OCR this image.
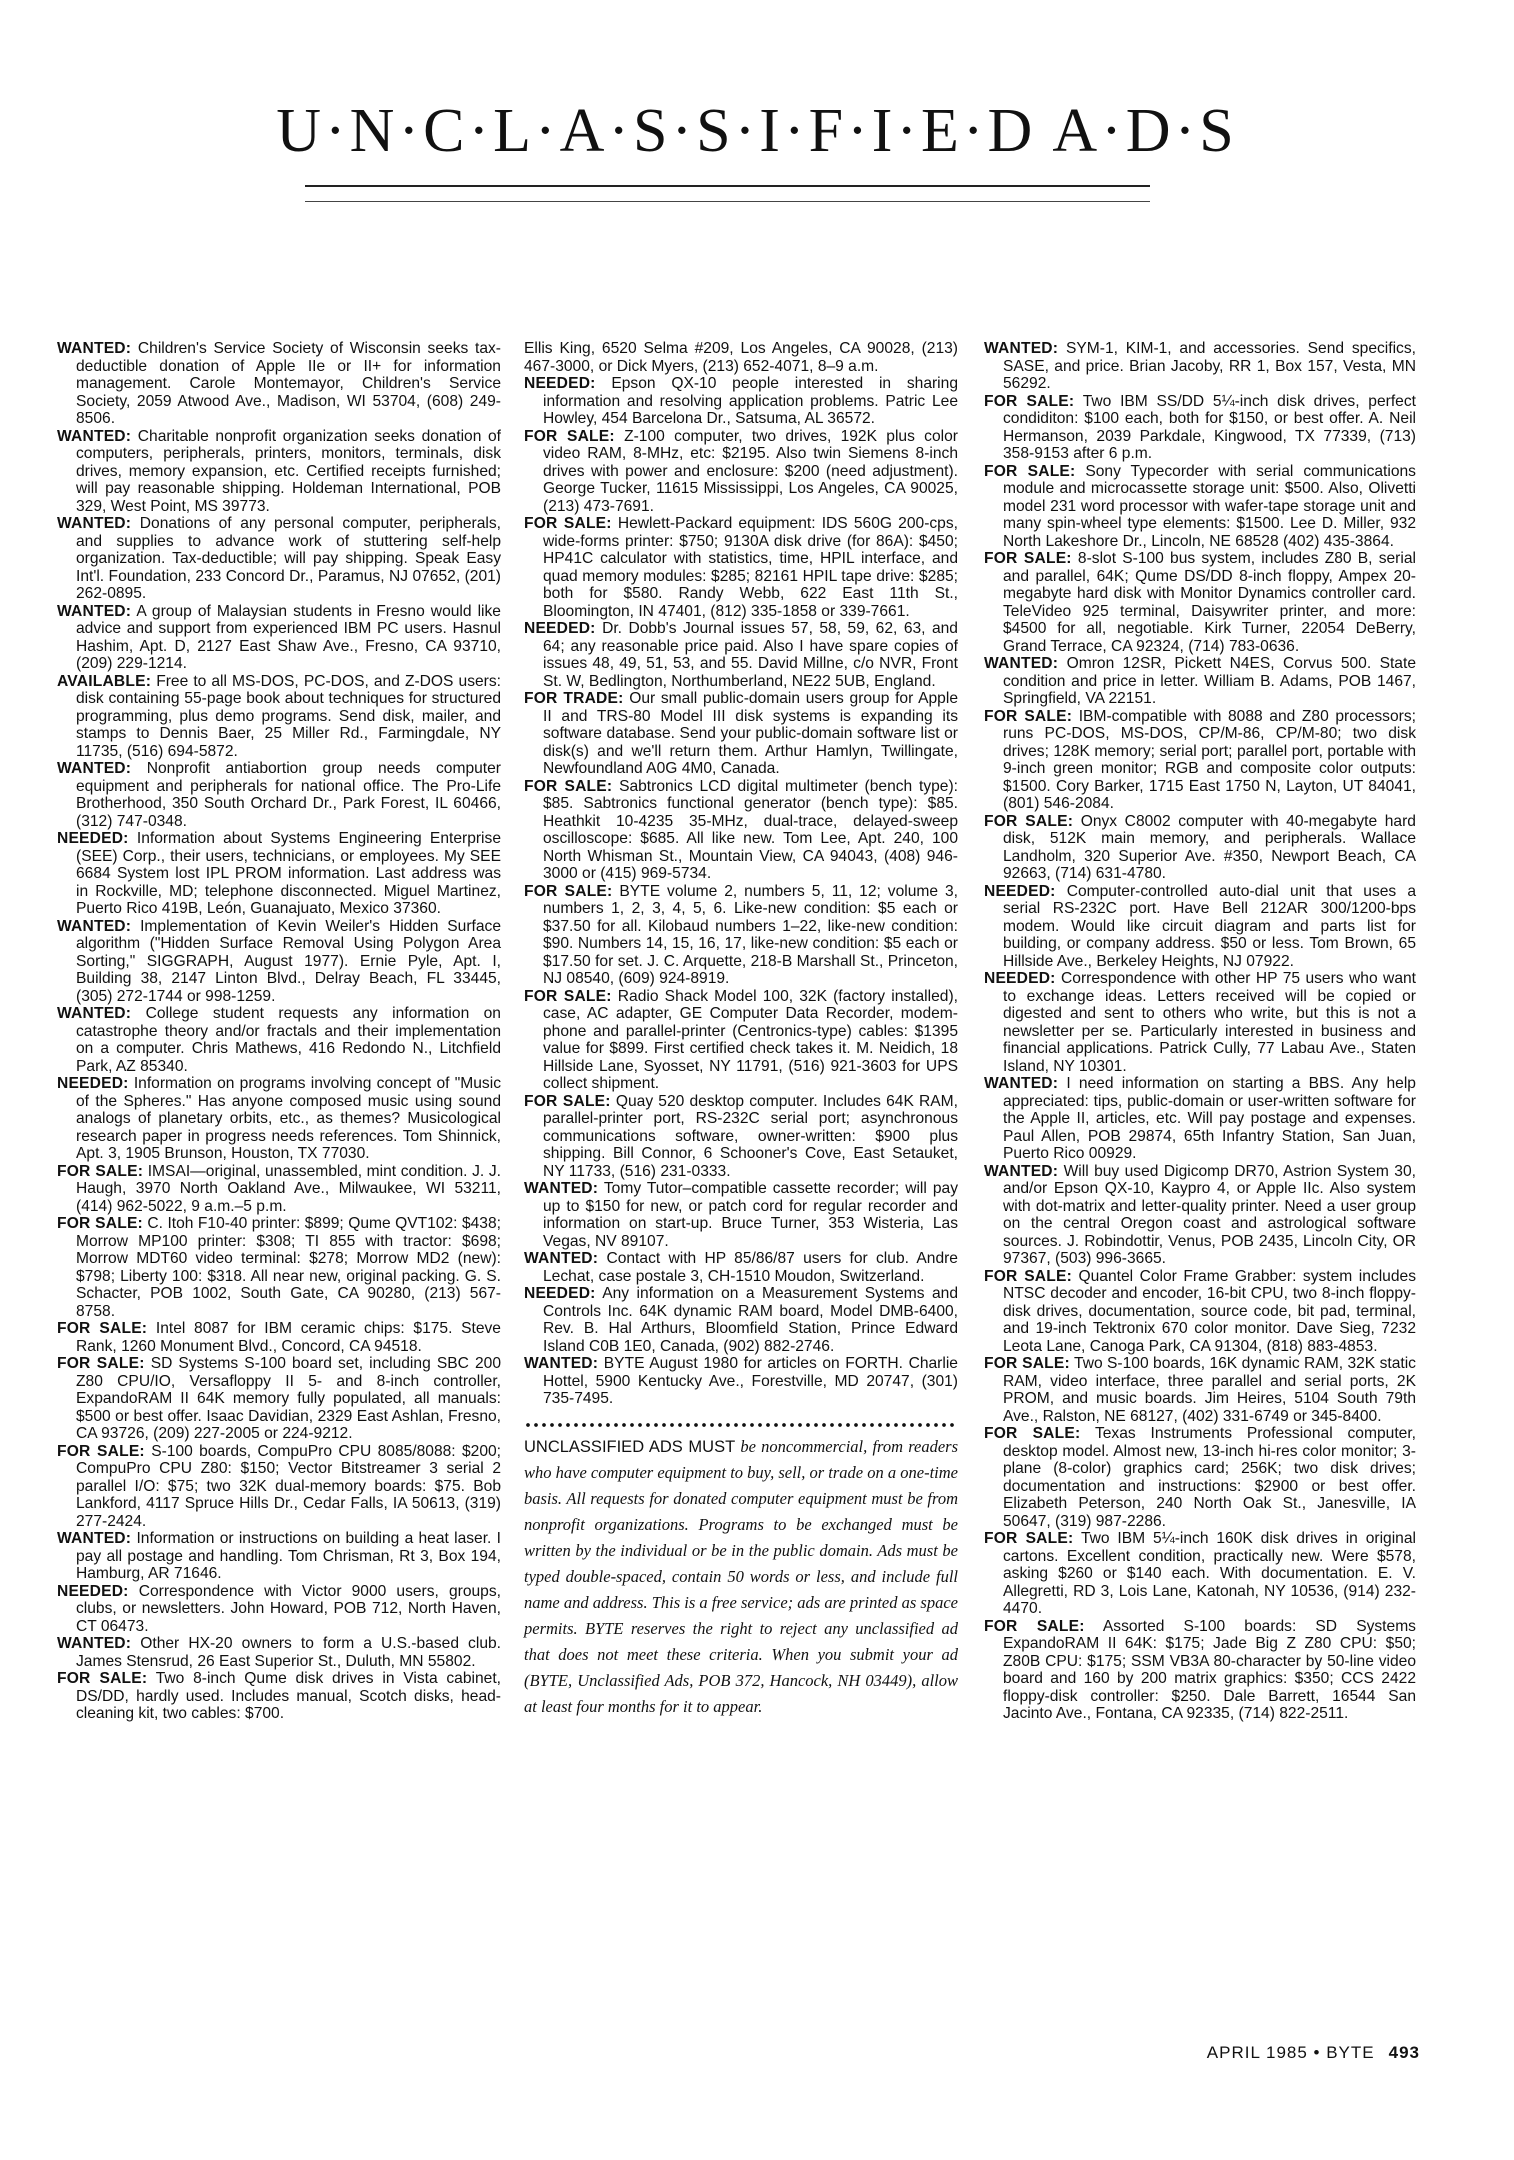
U·N·C·L·A·S·S·I·F·I·E·D A·D·S
WANTED: Children's Service Society of Wisconsin seeks tax-deductible donation of Apple IIe or II+ for information management. Carole Montemayor, Children's Service Society, 2059 Atwood Ave., Madison, WI 53704, (608) 249-8506.
WANTED: Charitable nonprofit organization seeks donation of computers, peripherals, printers, monitors, terminals, disk drives, memory expansion, etc. Certified receipts furnished; will pay reasonable shipping. Holdeman International, POB 329, West Point, MS 39773.
WANTED: Donations of any personal computer, peripherals, and supplies to advance work of stuttering self-help organization. Tax-deductible; will pay shipping. Speak Easy Int'l. Foundation, 233 Concord Dr., Paramus, NJ 07652, (201) 262-0895.
WANTED: A group of Malaysian students in Fresno would like advice and support from experienced IBM PC users. Hasnul Hashim, Apt. D, 2127 East Shaw Ave., Fresno, CA 93710, (209) 229-1214.
AVAILABLE: Free to all MS-DOS, PC-DOS, and Z-DOS users: disk containing 55-page book about techniques for structured programming, plus demo programs. Send disk, mailer, and stamps to Dennis Baer, 25 Miller Rd., Farmingdale, NY 11735, (516) 694-5872.
WANTED: Nonprofit antiabortion group needs computer equipment and peripherals for national office. The Pro-Life Brotherhood, 350 South Orchard Dr., Park Forest, IL 60466, (312) 747-0348.
NEEDED: Information about Systems Engineering Enterprise (SEE) Corp., their users, technicians, or employees. My SEE 6684 System lost IPL PROM information. Last address was in Rockville, MD; telephone disconnected. Miguel Martinez, Puerto Rico 419B, León, Guanajuato, Mexico 37360.
WANTED: Implementation of Kevin Weiler's Hidden Surface algorithm ("Hidden Surface Removal Using Polygon Area Sorting," SIGGRAPH, August 1977). Ernie Pyle, Apt. I, Building 38, 2147 Linton Blvd., Delray Beach, FL 33445, (305) 272-1744 or 998-1259.
WANTED: College student requests any information on catastrophe theory and/or fractals and their implementation on a computer. Chris Mathews, 416 Redondo N., Litchfield Park, AZ 85340.
NEEDED: Information on programs involving concept of "Music of the Spheres." Has anyone composed music using sound analogs of planetary orbits, etc., as themes? Musicological research paper in progress needs references. Tom Shinnick, Apt. 3, 1905 Brunson, Houston, TX 77030.
FOR SALE: IMSAI—original, unassembled, mint condition. J. J. Haugh, 3970 North Oakland Ave., Milwaukee, WI 53211, (414) 962-5022, 9 a.m.–5 p.m.
FOR SALE: C. Itoh F10-40 printer: $899; Qume QVT102: $438; Morrow MP100 printer: $308; TI 855 with tractor: $698; Morrow MDT60 video terminal: $278; Morrow MD2 (new): $798; Liberty 100: $318. All near new, original packing. G. S. Schacter, POB 1002, South Gate, CA 90280, (213) 567-8758.
FOR SALE: Intel 8087 for IBM ceramic chips: $175. Steve Rank, 1260 Monument Blvd., Concord, CA 94518.
FOR SALE: SD Systems S-100 board set, including SBC 200 Z80 CPU/IO, Versafloppy II 5- and 8-inch controller, ExpandoRAM II 64K memory fully populated, all manuals: $500 or best offer. Isaac Davidian, 2329 East Ashlan, Fresno, CA 93726, (209) 227-2005 or 224-9212.
FOR SALE: S-100 boards, CompuPro CPU 8085/8088: $200; CompuPro CPU Z80: $150; Vector Bitstreamer 3 serial 2 parallel I/O: $75; two 32K dual-memory boards: $75. Bob Lankford, 4117 Spruce Hills Dr., Cedar Falls, IA 50613, (319) 277-2424.
WANTED: Information or instructions on building a heat laser. I pay all postage and handling. Tom Chrisman, Rt 3, Box 194, Hamburg, AR 71646.
NEEDED: Correspondence with Victor 9000 users, groups, clubs, or newsletters. John Howard, POB 712, North Haven, CT 06473.
WANTED: Other HX-20 owners to form a U.S.-based club. James Stensrud, 26 East Superior St., Duluth, MN 55802.
FOR SALE: Two 8-inch Qume disk drives in Vista cabinet, DS/DD, hardly used. Includes manual, Scotch disks, head-cleaning kit, two cables: $700.
Ellis King, 6520 Selma #209, Los Angeles, CA 90028, (213) 467-3000, or Dick Myers, (213) 652-4071, 8–9 a.m.
NEEDED: Epson QX-10 people interested in sharing information and resolving application problems. Patric Lee Howley, 454 Barcelona Dr., Satsuma, AL 36572.
FOR SALE: Z-100 computer, two drives, 192K plus color video RAM, 8-MHz, etc: $2195. Also twin Siemens 8-inch drives with power and enclosure: $200 (need adjustment). George Tucker, 11615 Mississippi, Los Angeles, CA 90025, (213) 473-7691.
FOR SALE: Hewlett-Packard equipment: IDS 560G 200-cps, wide-forms printer: $750; 9130A disk drive (for 86A): $450; HP41C calculator with statistics, time, HPIL interface, and quad memory modules: $285; 82161 HPIL tape drive: $285; both for $580. Randy Webb, 622 East 11th St., Bloomington, IN 47401, (812) 335-1858 or 339-7661.
NEEDED: Dr. Dobb's Journal issues 57, 58, 59, 62, 63, and 64; any reasonable price paid. Also I have spare copies of issues 48, 49, 51, 53, and 55. David Millne, c/o NVR, Front St. W, Bedlington, Northumberland, NE22 5UB, England.
FOR TRADE: Our small public-domain users group for Apple II and TRS-80 Model III disk systems is expanding its software database. Send your public-domain software list or disk(s) and we'll return them. Arthur Hamlyn, Twillingate, Newfoundland A0G 4M0, Canada.
FOR SALE: Sabtronics LCD digital multimeter (bench type): $85. Sabtronics functional generator (bench type): $85. Heathkit 10-4235 35-MHz, dual-trace, delayed-sweep oscilloscope: $685. All like new. Tom Lee, Apt. 240, 100 North Whisman St., Mountain View, CA 94043, (408) 946-3000 or (415) 969-5734.
FOR SALE: BYTE volume 2, numbers 5, 11, 12; volume 3, numbers 1, 2, 3, 4, 5, 6. Like-new condition: $5 each or $37.50 for all. Kilobaud numbers 1–22, like-new condition: $90. Numbers 14, 15, 16, 17, like-new condition: $5 each or $17.50 for set. J. C. Arquette, 218-B Marshall St., Princeton, NJ 08540, (609) 924-8919.
FOR SALE: Radio Shack Model 100, 32K (factory installed), case, AC adapter, GE Computer Data Recorder, modem-phone and parallel-printer (Centronics-type) cables: $1395 value for $899. First certified check takes it. M. Neidich, 18 Hillside Lane, Syosset, NY 11791, (516) 921-3603 for UPS collect shipment.
FOR SALE: Quay 520 desktop computer. Includes 64K RAM, parallel-printer port, RS-232C serial port; asynchronous communications software, owner-written: $900 plus shipping. Bill Connor, 6 Schooner's Cove, East Setauket, NY 11733, (516) 231-0333.
WANTED: Tomy Tutor–compatible cassette recorder; will pay up to $150 for new, or patch cord for regular recorder and information on start-up. Bruce Turner, 353 Wisteria, Las Vegas, NV 89107.
WANTED: Contact with HP 85/86/87 users for club. Andre Lechat, case postale 3, CH-1510 Moudon, Switzerland.
NEEDED: Any information on a Measurement Systems and Controls Inc. 64K dynamic RAM board, Model DMB-6400, Rev. B. Hal Arthurs, Bloomfield Station, Prince Edward Island C0B 1E0, Canada, (902) 882-2746.
WANTED: BYTE August 1980 for articles on FORTH. Charlie Hottel, 5900 Kentucky Ave., Forestville, MD 20747, (301) 735-7495.
UNCLASSIFIED ADS MUST be noncommercial, from readers who have computer equipment to buy, sell, or trade on a one-time basis. All requests for donated computer equipment must be from nonprofit organizations. Programs to be exchanged must be written by the individual or be in the public domain. Ads must be typed double-spaced, contain 50 words or less, and include full name and address. This is a free service; ads are printed as space permits. BYTE reserves the right to reject any unclassified ad that does not meet these criteria. When you submit your ad (BYTE, Unclassified Ads, POB 372, Hancock, NH 03449), allow at least four months for it to appear.
WANTED: SYM-1, KIM-1, and accessories. Send specifics, SASE, and price. Brian Jacoby, RR 1, Box 157, Vesta, MN 56292.
FOR SALE: Two IBM SS/DD 5¼-inch disk drives, perfect condiditon: $100 each, both for $150, or best offer. A. Neil Hermanson, 2039 Parkdale, Kingwood, TX 77339, (713) 358-9153 after 6 p.m.
FOR SALE: Sony Typecorder with serial communications module and microcassette storage unit: $500. Also, Olivetti model 231 word processor with wafer-tape storage unit and many spin-wheel type elements: $1500. Lee D. Miller, 932 North Lakeshore Dr., Lincoln, NE 68528 (402) 435-3864.
FOR SALE: 8-slot S-100 bus system, includes Z80 B, serial and parallel, 64K; Qume DS/DD 8-inch floppy, Ampex 20-megabyte hard disk with Monitor Dynamics controller card. TeleVideo 925 terminal, Daisywriter printer, and more: $4500 for all, negotiable. Kirk Turner, 22054 DeBerry, Grand Terrace, CA 92324, (714) 783-0636.
WANTED: Omron 12SR, Pickett N4ES, Corvus 500. State condition and price in letter. William B. Adams, POB 1467, Springfield, VA 22151.
FOR SALE: IBM-compatible with 8088 and Z80 processors; runs PC-DOS, MS-DOS, CP/M-86, CP/M-80; two disk drives; 128K memory; serial port; parallel port, portable with 9-inch green monitor; RGB and composite color outputs: $1500. Cory Barker, 1715 East 1750 N, Layton, UT 84041, (801) 546-2084.
FOR SALE: Onyx C8002 computer with 40-megabyte hard disk, 512K main memory, and peripherals. Wallace Landholm, 320 Superior Ave. #350, Newport Beach, CA 92663, (714) 631-4780.
NEEDED: Computer-controlled auto-dial unit that uses a serial RS-232C port. Have Bell 212AR 300/1200-bps modem. Would like circuit diagram and parts list for building, or company address. $50 or less. Tom Brown, 65 Hillside Ave., Berkeley Heights, NJ 07922.
NEEDED: Correspondence with other HP 75 users who want to exchange ideas. Letters received will be copied or digested and sent to others who write, but this is not a newsletter per se. Particularly interested in business and financial applications. Patrick Cully, 77 Labau Ave., Staten Island, NY 10301.
WANTED: I need information on starting a BBS. Any help appreciated: tips, public-domain or user-written software for the Apple II, articles, etc. Will pay postage and expenses. Paul Allen, POB 29874, 65th Infantry Station, San Juan, Puerto Rico 00929.
WANTED: Will buy used Digicomp DR70, Astrion System 30, and/or Epson QX-10, Kaypro 4, or Apple IIc. Also system with dot-matrix and letter-quality printer. Need a user group on the central Oregon coast and astrological software sources. J. Robindottir, Venus, POB 2435, Lincoln City, OR 97367, (503) 996-3665.
FOR SALE: Quantel Color Frame Grabber: system includes NTSC decoder and encoder, 16-bit CPU, two 8-inch floppy-disk drives, documentation, source code, bit pad, terminal, and 19-inch Tektronix 670 color monitor. Dave Sieg, 7232 Leota Lane, Canoga Park, CA 91304, (818) 883-4853.
FOR SALE: Two S-100 boards, 16K dynamic RAM, 32K static RAM, video interface, three parallel and serial ports, 2K PROM, and music boards. Jim Heires, 5104 South 79th Ave., Ralston, NE 68127, (402) 331-6749 or 345-8400.
FOR SALE: Texas Instruments Professional computer, desktop model. Almost new, 13-inch hi-res color monitor; 3-plane (8-color) graphics card; 256K; two disk drives; documentation and instructions: $2900 or best offer. Elizabeth Peterson, 240 North Oak St., Janesville, IA 50647, (319) 987-2286.
FOR SALE: Two IBM 5¼-inch 160K disk drives in original cartons. Excellent condition, practically new. Were $578, asking $260 or $140 each. With documentation. E. V. Allegretti, RD 3, Lois Lane, Katonah, NY 10536, (914) 232-4470.
FOR SALE: Assorted S-100 boards: SD Systems ExpandoRAM II 64K: $175; Jade Big Z Z80 CPU: $50; Z80B CPU: $175; SSM VB3A 80-character by 50-line video board and 160 by 200 matrix graphics: $350; CCS 2422 floppy-disk controller: $250. Dale Barrett, 16544 San Jacinto Ave., Fontana, CA 92335, (714) 822-2511.
APRIL 1985 • BYTE 493
